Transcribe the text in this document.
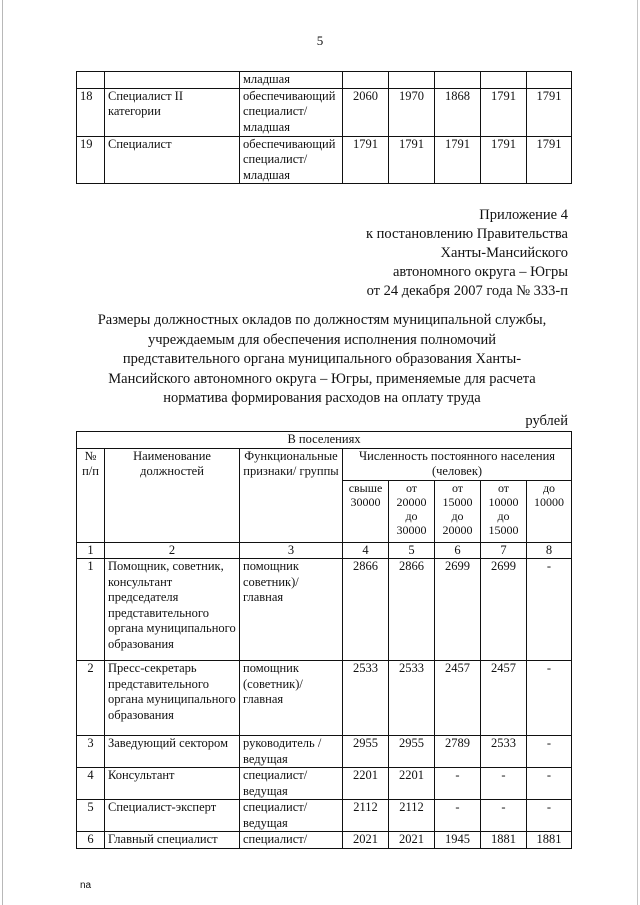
5
		младшая					
18	Специалист II категории	обеспечивающий специалист/ младшая	2060	1970	1868	1791	1791
19	Специалист	обеспечивающий специалист/ младшая	1791	1791	1791	1791	1791
Приложение 4
к постановлению Правительства
Ханты-Мансийского
автономного округа – Югры
от 24 декабря 2007 года № 333-п
Размеры должностных окладов по должностям муниципальной службы,
учреждаемым для обеспечения исполнения полномочий
представительного органа муниципального образования Ханты-
Мансийского автономного округа – Югры, применяемые для расчета
норматива формирования расходов на оплату труда
рублей
В поселениях							
№ п/п	Наименование должностей	Функциональные признаки/ группы	Численность постоянного населения (человек)				
			свыше 30000	от 20000 до 30000	от 15000 до 20000	от 10000 до 15000	до 10000
1	2	3	4	5	6	7	8
1	Помощник, советник, консультант председателя представительного органа муниципального образования	помощник советник)/ главная	2866	2866	2699	2699	-
2	Пресс-секретарь представительного органа муниципального образования	помощник (советник)/ главная	2533	2533	2457	2457	-
3	Заведующий сектором	руководитель /ведущая	2955	2955	2789	2533	-
4	Консультант	специалист/ведущая	2201	2201	-	-	-
5	Специалист-эксперт	специалист/ведущая	2112	2112	-	-	-
6	Главный специалист	специалист/	2021	2021	1945	1881	1881
na
